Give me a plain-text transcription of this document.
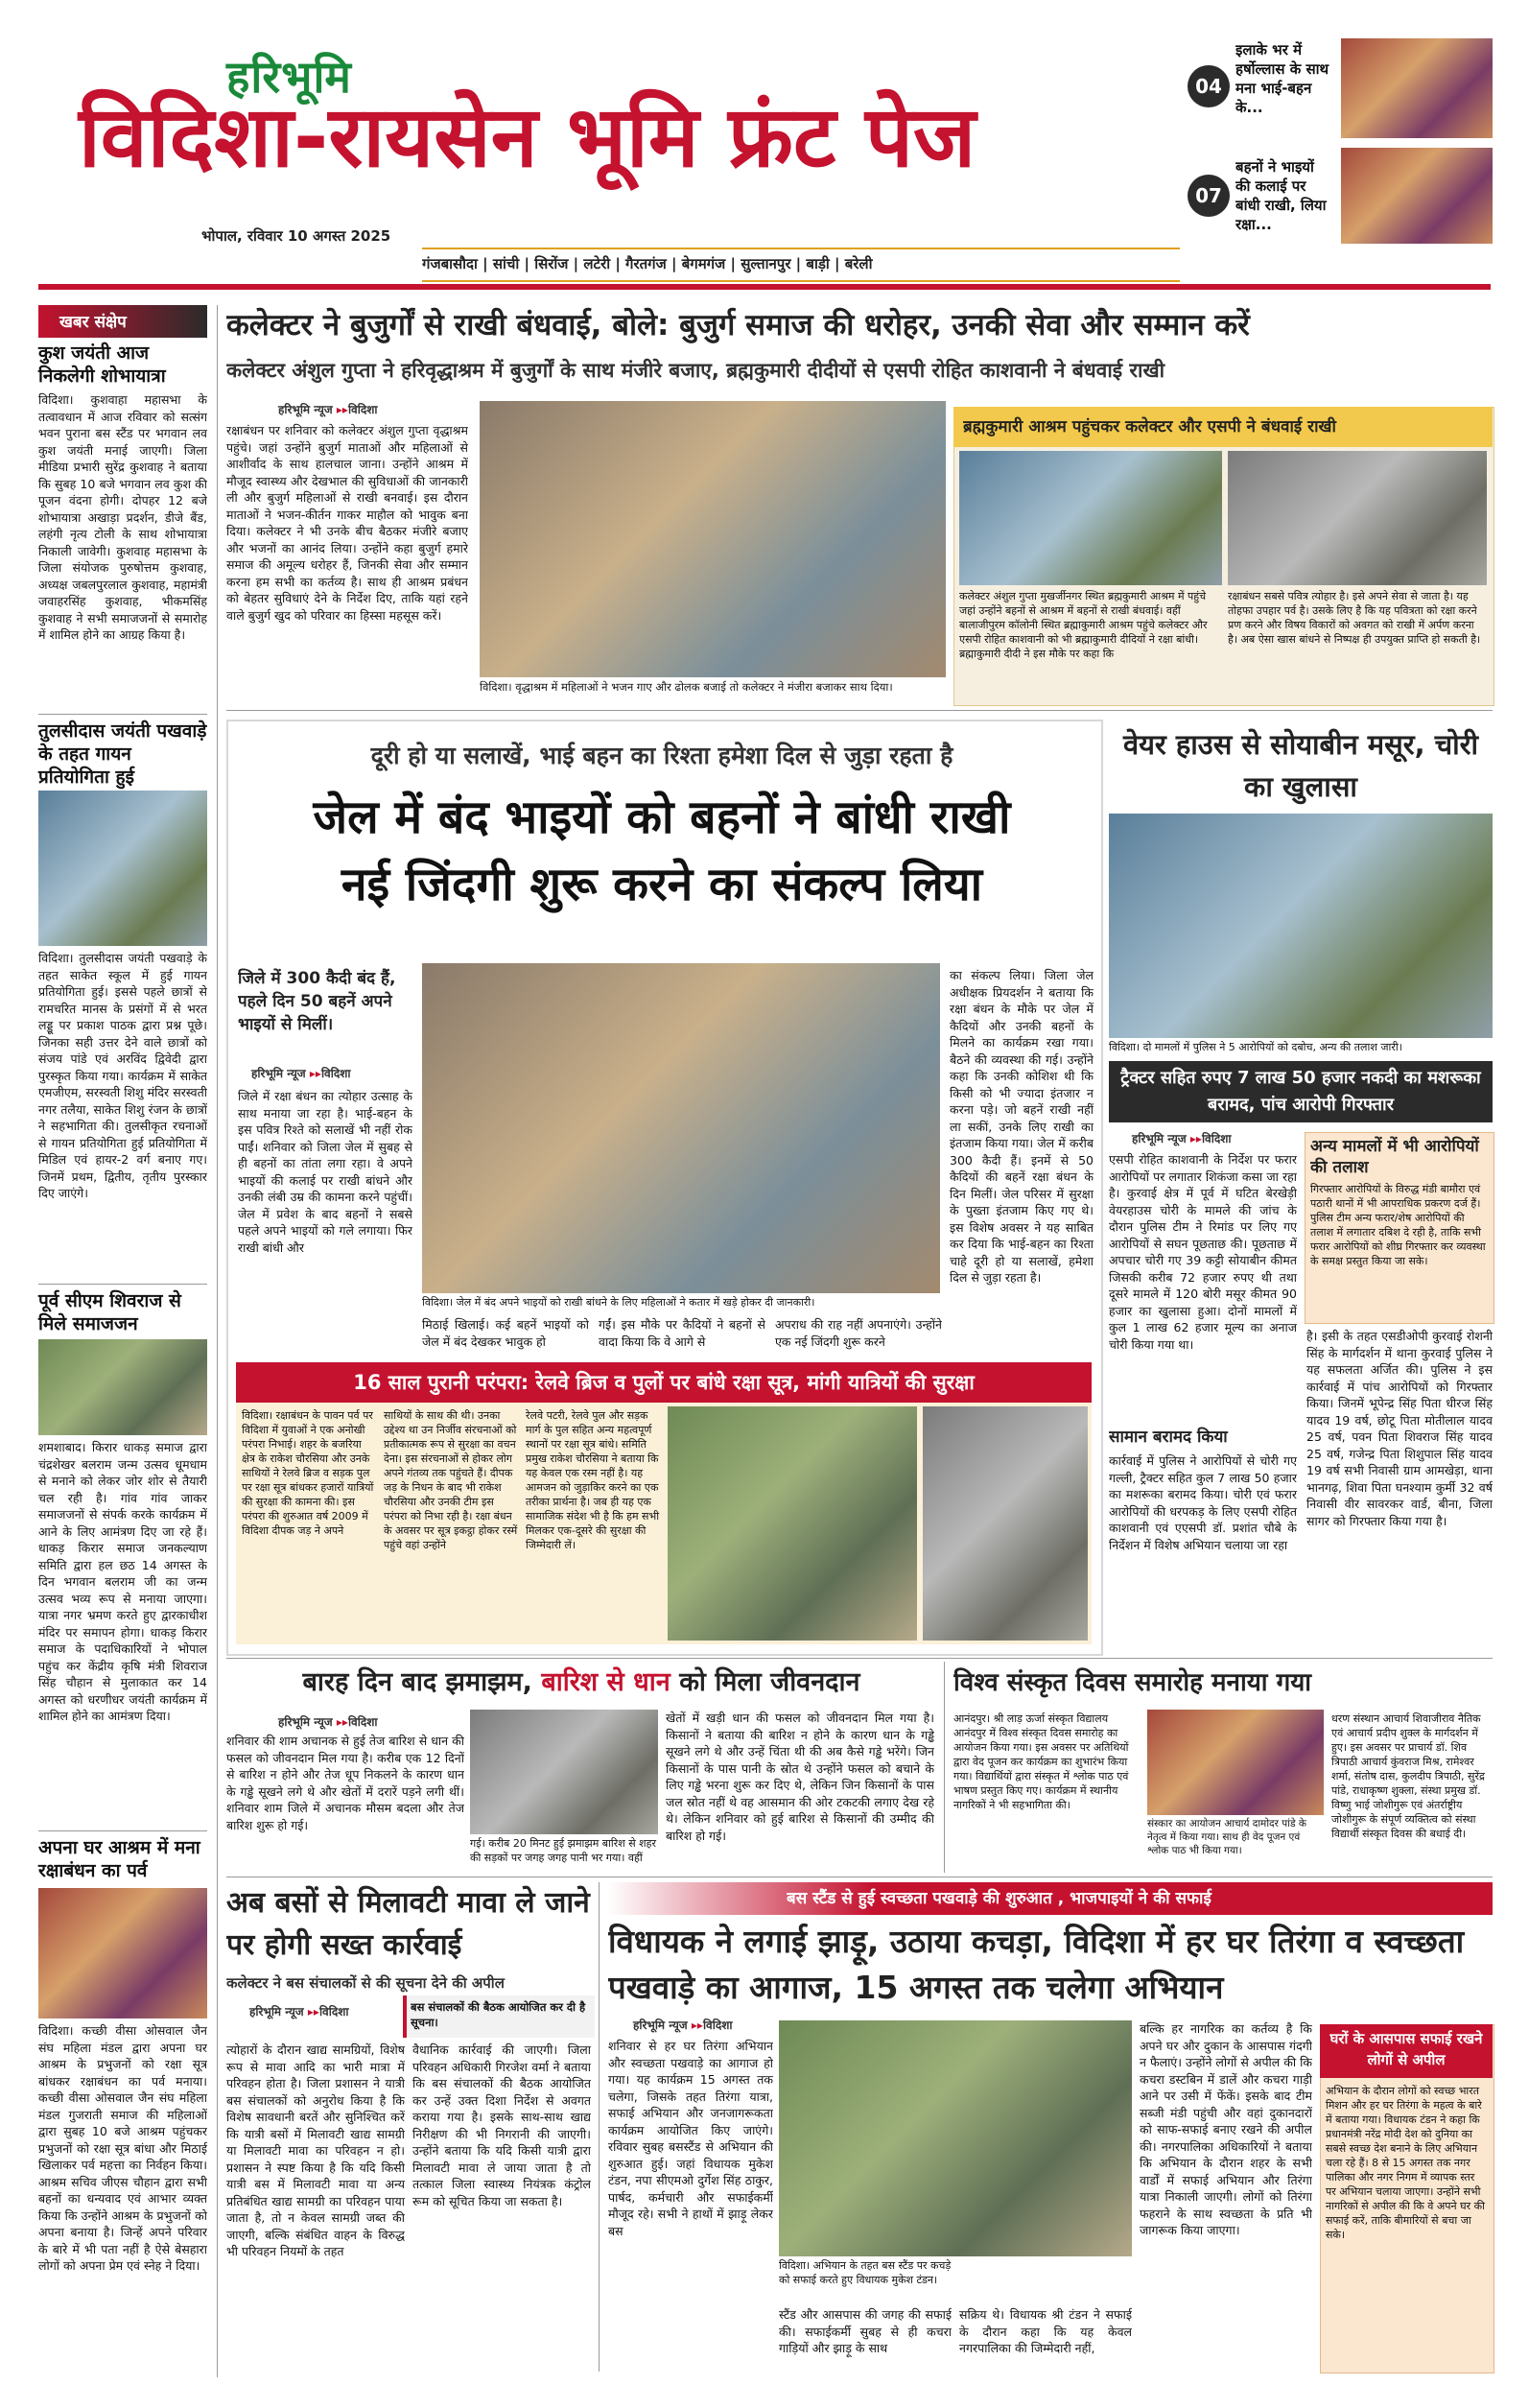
हरिभूमि
विदिशा-रायसेन भूमि फ्रंट पेज
भोपाल, रविवार 10 अगस्त 2025
गंजबासौदा | सांची | सिरोंज | लटेरी | गैरतगंज | बेगमगंज | सुल्तानपुर | बाड़ी | बरेली
04
इलाके भर में हर्षोल्लास के साथ मना भाई-बहन के...
07
बहनों ने भाइयों की कलाई पर बांधी राखी, लिया रक्षा...
खबर संक्षेप
कुश जयंती आज निकलेगी शोभायात्रा
विदिशा। कुशवाहा महासभा के तत्वावधान में आज रविवार को सत्संग भवन पुराना बस स्टैंड पर भगवान लव कुश जयंती मनाई जाएगी। जिला मीडिया प्रभारी सुरेंद्र कुशवाह ने बताया कि सुबह 10 बजे भगवान लव कुश की पूजन वंदना होगी। दोपहर 12 बजे शोभायात्रा अखाड़ा प्रदर्शन, डीजे बैंड, लहंगी नृत्य टोली के साथ शोभायात्रा निकाली जावेगी। कुशवाह महासभा के जिला संयोजक पुरुषोत्तम कुशवाह, अध्यक्ष जबलपुरलाल कुशवाह, महामंत्री जवाहरसिंह कुशवाह, भीकमसिंह कुशवाह ने सभी समाजजनों से समारोह में शामिल होने का आग्रह किया है।
तुलसीदास जयंती पखवाड़े के तहत गायन प्रतियोगिता हुई
विदिशा। तुलसीदास जयंती पखवाड़े के तहत साकेत स्कूल में हुई गायन प्रतियोगिता हुई। इससे पहले छात्रों से रामचरित मानस के प्रसंगों में से भरत लड्डू पर प्रकाश पाठक द्वारा प्रश्न पूछे। जिनका सही उत्तर देने वाले छात्रों को संजय पांडे एवं अरविंद द्विवेदी द्वारा पुरस्कृत किया गया। कार्यक्रम में साकेत एमजीएम, सरस्वती शिशु मंदिर सरस्वती नगर तलैया, साकेत शिशु रंजन के छात्रों ने सहभागिता की। तुलसीकृत रचनाओं से गायन प्रतियोगिता हुई प्रतियोगिता में मिडिल एवं हायर-2 वर्ग बनाए गए। जिनमें प्रथम, द्वितीय, तृतीय पुरस्कार दिए जाएंगे।
पूर्व सीएम शिवराज से मिले समाजजन
शमशाबाद। किरार धाकड़ समाज द्वारा चंद्रशेखर बलराम जन्म उत्सव धूमधाम से मनाने को लेकर जोर शोर से तैयारी चल रही है। गांव गांव जाकर समाजजनों से संपर्क करके कार्यक्रम में आने के लिए आमंत्रण दिए जा रहे हैं। धाकड़ किरार समाज जनकल्याण समिति द्वारा हल छठ 14 अगस्त के दिन भगवान बलराम जी का जन्म उत्सव भव्य रूप से मनाया जाएगा। यात्रा नगर भ्रमण करते हुए द्वारकाधीश मंदिर पर समापन होगा। धाकड़ किरार समाज के पदाधिकारियों ने भोपाल पहुंच कर केंद्रीय कृषि मंत्री शिवराज सिंह चौहान से मुलाकात कर 14 अगस्त को धरणीधर जयंती कार्यक्रम में शामिल होने का आमंत्रण दिया।
अपना घर आश्रम में मना रक्षाबंधन का पर्व
विदिशा। कच्छी वीसा ओसवाल जैन संघ महिला मंडल द्वारा अपना घर आश्रम के प्रभुजनों को रक्षा सूत्र बांधकर रक्षाबंधन का पर्व मनाया। कच्छी वीसा ओसवाल जैन संघ महिला मंडल गुजराती समाज की महिलाओं द्वारा सुबह 10 बजे आश्रम पहुंचकर प्रभुजनों को रक्षा सूत्र बांधा और मिठाई खिलाकर पर्व महत्ता का निर्वहन किया। आश्रम सचिव जीएस चौहान द्वारा सभी बहनों का धन्यवाद एवं आभार व्यक्त किया कि उन्होंने आश्रम के प्रभुजनों को अपना बनाया है। जिन्हें अपने परिवार के बारे में भी पता नहीं है ऐसे बेसहारा लोगों को अपना प्रेम एवं स्नेह ने दिया।
कलेक्टर ने बुजुर्गों से राखी बंधवाई, बोले: बुजुर्ग समाज की धरोहर, उनकी सेवा और सम्मान करें
कलेक्टर अंशुल गुप्ता ने हरिवृद्धाश्रम में बुजुर्गों के साथ मंजीरे बजाए, ब्रह्मकुमारी दीदीयों से एसपी रोहित काशवानी ने बंधवाई राखी
हरिभूमि न्यूज ▸▸विदिशा
रक्षाबंधन पर शनिवार को कलेक्टर अंशुल गुप्ता वृद्धाश्रम पहुंचे। जहां उन्होंने बुजुर्ग माताओं और महिलाओं से आशीर्वाद के साथ हालचाल जाना। उन्होंने आश्रम में मौजूद स्वास्थ्य और देखभाल की सुविधाओं की जानकारी ली और बुजुर्ग महिलाओं से राखी बनवाई। इस दौरान माताओं ने भजन-कीर्तन गाकर माहौल को भावुक बना दिया। कलेक्टर ने भी उनके बीच बैठकर मंजीरे बजाए और भजनों का आनंद लिया। उन्होंने कहा बुजुर्ग हमारे समाज की अमूल्य धरोहर हैं, जिनकी सेवा और सम्मान करना हम सभी का कर्तव्य है। साथ ही आश्रम प्रबंधन को बेहतर सुविधाएं देने के निर्देश दिए, ताकि यहां रहने वाले बुजुर्ग खुद को परिवार का हिस्सा महसूस करें।
विदिशा। वृद्धाश्रम में महिलाओं ने भजन गाए और ढोलक बजाई तो कलेक्टर ने मंजीरा बजाकर साथ दिया।
ब्रह्मकुमारी आश्रम पहुंचकर कलेक्टर और एसपी ने बंधवाई राखी
कलेक्टर अंशुल गुप्ता मुखर्जीनगर स्थित ब्रह्मकुमारी आश्रम में पहुंचे जहां उन्होंने बहनों से आश्रम में बहनों से राखी बंधवाई। वहीं बालाजीपुरम कॉलोनी स्थित ब्रह्माकुमारी आश्रम पहुंचे कलेक्टर और एसपी रोहित काशवानी को भी ब्रह्माकुमारी दीदियों ने रक्षा बांधी। ब्रह्माकुमारी दीदी ने इस मौके पर कहा कि
रक्षाबंधन सबसे पवित्र त्योहार है। इसे अपने सेवा से जाता है। यह तोहफा उपहार पर्व है। उसके लिए है कि यह पवित्रता को रक्षा करने प्रण करने और विषय विकारों को अवगत को राखी में अर्पण करना है। अब ऐसा खास बांधने से निष्पक्ष ही उपयुक्त प्राप्ति हो सकती है।
दूरी हो या सलाखें, भाई बहन का रिश्ता हमेशा दिल से जुड़ा रहता है
जेल में बंद भाइयों को बहनों ने बांधी राखी
नई जिंदगी शुरू करने का संकल्प लिया
जिले में 300 कैदी बंद हैं, पहले दिन 50 बहनें अपने भाइयों से मिलीं।
हरिभूमि न्यूज ▸▸विदिशा
जिले में रक्षा बंधन का त्योहार उत्साह के साथ मनाया जा रहा है। भाई-बहन के इस पवित्र रिश्ते को सलाखें भी नहीं रोक पाईं। शनिवार को जिला जेल में सुबह से ही बहनों का तांता लगा रहा। वे अपने भाइयों की कलाई पर राखी बांधने और उनकी लंबी उम्र की कामना करने पहुंचीं। जेल में प्रवेश के बाद बहनों ने सबसे पहले अपने भाइयों को गले लगाया। फिर राखी बांधी और
विदिशा। जेल में बंद अपने भाइयों को राखी बांधने के लिए महिलाओं ने कतार में खड़े होकर दी जानकारी।
मिठाई खिलाई। कई बहनें भाइयों को जेल में बंद देखकर भावुक हो
गईं। इस मौके पर कैदियों ने बहनों से वादा किया कि वे आगे से
अपराध की राह नहीं अपनाएंगे। उन्होंने एक नई जिंदगी शुरू करने
का संकल्प लिया। जिला जेल अधीक्षक प्रियदर्शन ने बताया कि रक्षा बंधन के मौके पर जेल में कैदियों और उनकी बहनों के मिलने का कार्यक्रम रखा गया। बैठने की व्यवस्था की गई। उन्होंने कहा कि उनकी कोशिश थी कि किसी को भी ज्यादा इंतजार न करना पड़े। जो बहनें राखी नहीं ला सकीं, उनके लिए राखी का इंतजाम किया गया। जेल में करीब 300 कैदी हैं। इनमें से 50 कैदियों की बहनें रक्षा बंधन के दिन मिलीं। जेल परिसर में सुरक्षा के पुख्ता इंतजाम किए गए थे। इस विशेष अवसर ने यह साबित कर दिया कि भाई-बहन का रिश्ता चाहे दूरी हो या सलाखें, हमेशा दिल से जुड़ा रहता है।
16 साल पुरानी परंपरा: रेलवे ब्रिज व पुलों पर बांधे रक्षा सूत्र, मांगी यात्रियों की सुरक्षा
विदिशा। रक्षाबंधन के पावन पर्व पर विदिशा में युवाओं ने एक अनोखी परंपरा निभाई। शहर के बजरिया क्षेत्र के राकेश चौरसिया और उनके साथियों ने रेलवे ब्रिज व सड़क पुल पर रक्षा सूत्र बांधकर हजारों यात्रियों की सुरक्षा की कामना की। इस परंपरा की शुरुआत वर्ष 2009 में विदिशा दीपक जड़ ने अपने
साथियों के साथ की थी। उनका उद्देश्य था उन निर्जीव संरचनाओं को प्रतीकात्मक रूप से सुरक्षा का वचन देना। इस संरचनाओं से होकर लोग अपने गंतव्य तक पहुंचते हैं। दीपक जड़ के निधन के बाद भी राकेश चौरसिया और उनकी टीम इस परंपरा को निभा रही है। रक्षा बंधन के अवसर पर सूत्र इकट्ठा होकर रस्में पहुंचे वहां उन्होंने
रेलवे पटरी, रेलवे पुल और सड़क मार्ग के पुल सहित अन्य महत्वपूर्ण स्थानों पर रक्षा सूत्र बांधे। समिति प्रमुख राकेश चौरसिया ने बताया कि यह केवल एक रस्म नहीं है। यह आमजन को जुड़ाकिर करने का एक तरीका प्रार्थना है। जब ही यह एक सामाजिक संदेश भी है कि हम सभी मिलकर एक-दूसरे की सुरक्षा की जिम्मेदारी लें।
वेयर हाउस से सोयाबीन मसूर, चोरी का खुलासा
विदिशा। दो मामलों में पुलिस ने 5 आरोपियों को दबोच, अन्य की तलाश जारी।
ट्रैक्टर सहित रुपए 7 लाख 50 हजार नकदी का मशरूका बरामद, पांच आरोपी गिरफ्तार
हरिभूमि न्यूज ▸▸विदिशा
एसपी रोहित काशवानी के निर्देश पर फरार आरोपियों पर लगातार शिकंजा कसा जा रहा है। कुरवाई क्षेत्र में पूर्व में घटित बेरखेड़ी वेयरहाउस चोरी के मामले की जांच के दौरान पुलिस टीम ने रिमांड पर लिए गए आरोपियों से सघन पूछताछ की। पूछताछ में अपचार चोरी गए 39 कट्टी सोयाबीन कीमत जिसकी करीब 72 हजार रुपए थी तथा दूसरे मामले में 120 बोरी मसूर कीमत 90 हजार का खुलासा हुआ। दोनों मामलों में कुल 1 लाख 62 हजार मूल्य का अनाज चोरी किया गया था।
सामान बरामद किया
कार्रवाई में पुलिस ने आरोपियों से चोरी गए गल्ली, ट्रैक्टर सहित कुल 7 लाख 50 हजार का मशरूका बरामद किया। चोरी एवं फरार आरोपियों की धरपकड़ के लिए एसपी रोहित काशवानी एवं एएसपी डॉ. प्रशांत चौबे के निर्देशन में विशेष अभियान चलाया जा रहा
अन्य मामलों में भी आरोपियों की तलाश
गिरफ्तार आरोपियों के विरुद्ध मंडी बामौरा एवं पठारी थानों में भी आपराधिक प्रकरण दर्ज हैं। पुलिस टीम अन्य फरार/शेष आरोपियों की तलाश में लगातार दबिश दे रही है, ताकि सभी फरार आरोपियों को शीघ्र गिरफ्तार कर व्यवस्था के समक्ष प्रस्तुत किया जा सके।
है। इसी के तहत एसडीओपी कुरवाई रोशनी सिंह के मार्गदर्शन में थाना कुरवाई पुलिस ने यह सफलता अर्जित की। पुलिस ने इस कार्रवाई में पांच आरोपियों को गिरफ्तार किया। जिनमें भूपेन्द्र सिंह पिता धीरज सिंह यादव 19 वर्ष, छोटू पिता मोतीलाल यादव 25 वर्ष, पवन पिता शिवराज सिंह यादव 25 वर्ष, गजेन्द्र पिता शिशुपाल सिंह यादव 19 वर्ष सभी निवासी ग्राम आमखेड़ा, थाना भानगढ़, शिवा पिता घनश्याम कुर्मी 32 वर्ष निवासी वीर सावरकर वार्ड, बीना, जिला सागर को गिरफ्तार किया गया है।
बारह दिन बाद झमाझम, बारिश से धान को मिला जीवनदान
हरिभूमि न्यूज ▸▸विदिशा
शनिवार की शाम अचानक से हुई तेज बारिश से धान की फसल को जीवनदान मिल गया है। करीब एक 12 दिनों से बारिश न होने और तेज धूप निकलने के कारण धान के गड्ढे सूखने लगे थे और खेतों में दरारें पड़ने लगी थीं। शनिवार शाम जिले में अचानक मौसम बदला और तेज बारिश शुरू हो गई।
गई। करीब 20 मिनट हुई झमाझम बारिश से शहर की सड़कों पर जगह जगह पानी भर गया। वहीं
खेतों में खड़ी धान की फसल को जीवनदान मिल गया है। किसानों ने बताया की बारिश न होने के कारण धान के गड्ढे सूखने लगे थे और उन्हें चिंता थी की अब कैसे गड्ढे भरेंगे। जिन किसानों के पास पानी के स्रोत थे उन्होंने फसल को बचाने के लिए गड्ढे भरना शुरू कर दिए थे, लेकिन जिन किसानों के पास जल स्रोत नहीं थे वह आसमान की ओर टकटकी लगाए देख रहे थे। लेकिन शनिवार को हुई बारिश से किसानों की उम्मीद की बारिश हो गई।
विश्व संस्कृत दिवस समारोह मनाया गया
आनंदपुर। श्री लाड़ ऊर्जा संस्कृत विद्यालय आनंदपुर में विश्व संस्कृत दिवस समारोह का आयोजन किया गया। इस अवसर पर अतिथियों द्वारा वेद पूजन कर कार्यक्रम का शुभारंभ किया गया। विद्यार्थियों द्वारा संस्कृत में श्लोक पाठ एवं भाषण प्रस्तुत किए गए। कार्यक्रम में स्थानीय नागरिकों ने भी सहभागिता की।
संस्कार का आयोजन आचार्य दामोदर पांडे के नेतृत्व में किया गया। साथ ही वेद पूजन एवं श्लोक पाठ भी किया गया।
धरण संस्थान आचार्य शिवाजीराव नैतिक एवं आचार्य प्रदीप शुक्ल के मार्गदर्शन में हुए। इस अवसर पर प्राचार्य डॉ. शिव त्रिपाठी आचार्य कुंवराज मिश्र, रामेश्वर शर्मा, संतोष दास, कुलदीप त्रिपाठी, सुरेंद्र पांडे, राधाकृष्ण शुक्ला, संस्था प्रमुख डॉ. विष्णु भाई जोशीगुरू एवं अंतर्राष्ट्रीय जोशीगुरू के संपूर्ण व्यक्तित्व को संस्था विद्यार्थी संस्कृत दिवस की बधाई दी।
अब बसों से मिलावटी मावा ले जाने पर होगी सख्त कार्रवाई
कलेक्टर ने बस संचालकों से की सूचना देने की अपील
हरिभूमि न्यूज ▸▸विदिशा	बस संचालकों की बैठक आयोजित कर दी है सूचना।
त्योहारों के दौरान खाद्य सामग्रियों, विशेष रूप से मावा आदि का भारी मात्रा में परिवहन होता है। जिला प्रशासन ने यात्री बस संचालकों को अनुरोध किया है कि विशेष सावधानी बरतें और सुनिश्चित करें कि यात्री बसों में मिलावटी खाद्य सामग्री या मिलावटी मावा का परिवहन न हो। प्रशासन ने स्पष्ट किया है कि यदि किसी यात्री बस में मिलावटी मावा या अन्य प्रतिबंधित खाद्य सामग्री का परिवहन पाया जाता है, तो न केवल सामग्री जब्त की जाएगी, बल्कि संबंधित वाहन के विरुद्ध भी परिवहन नियमों के तहत
वैधानिक कार्रवाई की जाएगी। जिला परिवहन अधिकारी गिरजेश वर्मा ने बताया कि बस संचालकों की बैठक आयोजित कर उन्हें उक्त दिशा निर्देश से अवगत कराया गया है। इसके साथ-साथ खाद्य निरीक्षण की भी निगरानी की जाएगी। उन्होंने बताया कि यदि किसी यात्री द्वारा मिलावटी मावा ले जाया जाता है तो तत्काल जिला स्वास्थ्य नियंत्रक कंट्रोल रूम को सूचित किया जा सकता है।
बस स्टैंड से हुई स्वच्छता पखवाड़े की शुरुआत , भाजपाइयों ने की सफाई
विधायक ने लगाई झाड़ू, उठाया कचड़ा, विदिशा में हर घर तिरंगा व स्वच्छता पखवाड़े का आगाज, 15 अगस्त तक चलेगा अभियान
हरिभूमि न्यूज ▸▸विदिशा
शनिवार से हर घर तिरंगा अभियान और स्वच्छता पखवाड़े का आगाज हो गया। यह कार्यक्रम 15 अगस्त तक चलेगा, जिसके तहत तिरंगा यात्रा, सफाई अभियान और जनजागरूकता कार्यक्रम आयोजित किए जाएंगे। रविवार सुबह बसस्टैंड से अभियान की शुरुआत हुई। जहां विधायक मुकेश टंडन, नपा सीएमओ दुर्गेश सिंह ठाकुर, पार्षद, कर्मचारी और सफाईकर्मी मौजूद रहे। सभी ने हाथों में झाड़ू लेकर बस
विदिशा। अभियान के तहत बस स्टैंड पर कचड़े को सफाई करते हुए विधायक मुकेश टंडन।
स्टैंड और आसपास की जगह की सफाई की। सफाईकर्मी सुबह से ही कचरा गाड़ियों और झाड़ू के साथ
सक्रिय थे। विधायक श्री टंडन ने सफाई के दौरान कहा कि यह केवल नगरपालिका की जिम्मेदारी नहीं,
बल्कि हर नागरिक का कर्तव्य है कि अपने घर और दुकान के आसपास गंदगी न फैलाएं। उन्होंने लोगों से अपील की कि कचरा डस्टबिन में डालें और कचरा गाड़ी आने पर उसी में फेंकें। इसके बाद टीम सब्जी मंडी पहुंची और वहां दुकानदारों को साफ-सफाई बनाए रखने की अपील की। नगरपालिका अधिकारियों ने बताया कि अभियान के दौरान शहर के सभी वार्डों में सफाई अभियान और तिरंगा यात्रा निकाली जाएगी। लोगों को तिरंगा फहराने के साथ स्वच्छता के प्रति भी जागरूक किया जाएगा।
घरों के आसपास सफाई रखने लोगों से अपील
अभियान के दौरान लोगों को स्वच्छ भारत मिशन और हर घर तिरंगा के महत्व के बारे में बताया गया। विधायक टंडन ने कहा कि प्रधानमंत्री नरेंद्र मोदी देश को दुनिया का सबसे स्वच्छ देश बनाने के लिए अभियान चला रहे हैं। 8 से 15 अगस्त तक नगर पालिका और नगर निगम में व्यापक स्तर पर अभियान चलाया जाएगा। उन्होंने सभी नागरिकों से अपील की कि वे अपने घर की सफाई करें, ताकि बीमारियों से बचा जा सके।
